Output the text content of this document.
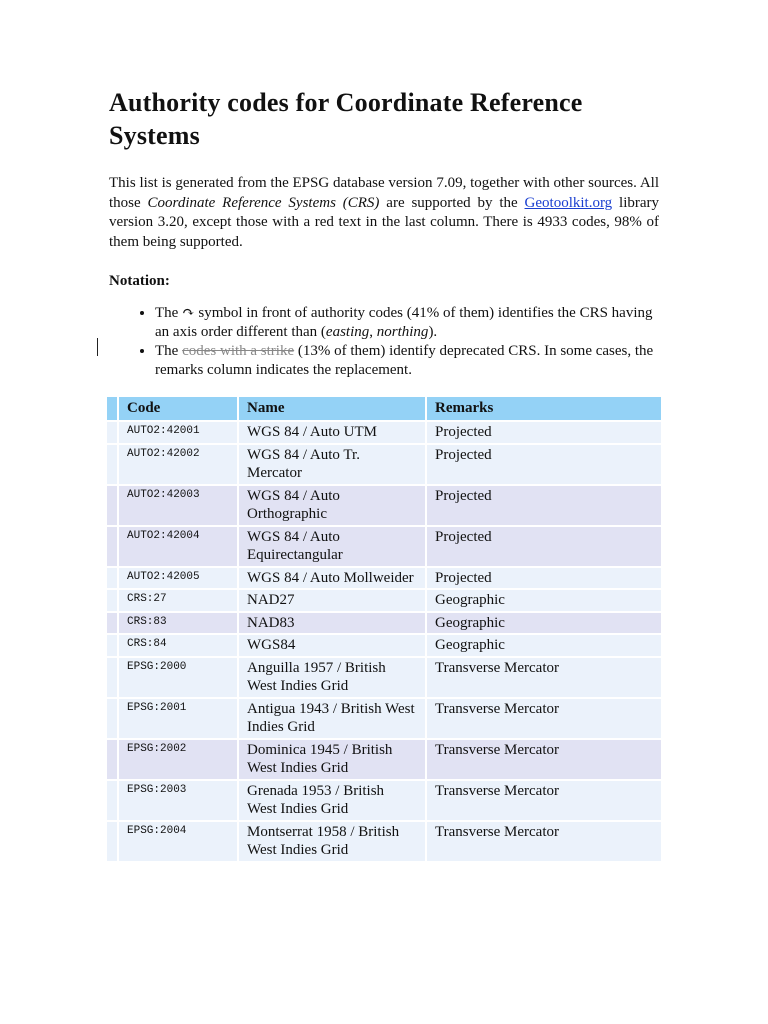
Authority codes for Coordinate Reference Systems

This list is generated from the EPSG database version 7.09, together with other sources. All those Coordinate Reference Systems (CRS) are supported by the Geotoolkit.org library version 3.20, except those with a red text in the last column. There is 4933 codes, 98% of them being supported.

Notation:

• The ↷ symbol in front of authority codes (41% of them) identifies the CRS having an axis order different than (easting, northing).
• The codes with a strike (13% of them) identify deprecated CRS. In some cases, the remarks column indicates the replacement.
	Code	Name	Remarks
	AUTO2:42001	WGS 84 / Auto UTM	Projected
	AUTO2:42002	WGS 84 / Auto Tr. Mercator	Projected
	AUTO2:42003	WGS 84 / Auto Orthographic	Projected
	AUTO2:42004	WGS 84 / Auto Equirectangular	Projected
	AUTO2:42005	WGS 84 / Auto Mollweider	Projected
	CRS:27	NAD27	Geographic
	CRS:83	NAD83	Geographic
	CRS:84	WGS84	Geographic
	EPSG:2000	Anguilla 1957 / British West Indies Grid	Transverse Mercator
	EPSG:2001	Antigua 1943 / British West Indies Grid	Transverse Mercator
	EPSG:2002	Dominica 1945 / British West Indies Grid	Transverse Mercator
	EPSG:2003	Grenada 1953 / British West Indies Grid	Transverse Mercator
	EPSG:2004	Montserrat 1958 / British West Indies Grid	Transverse Mercator
